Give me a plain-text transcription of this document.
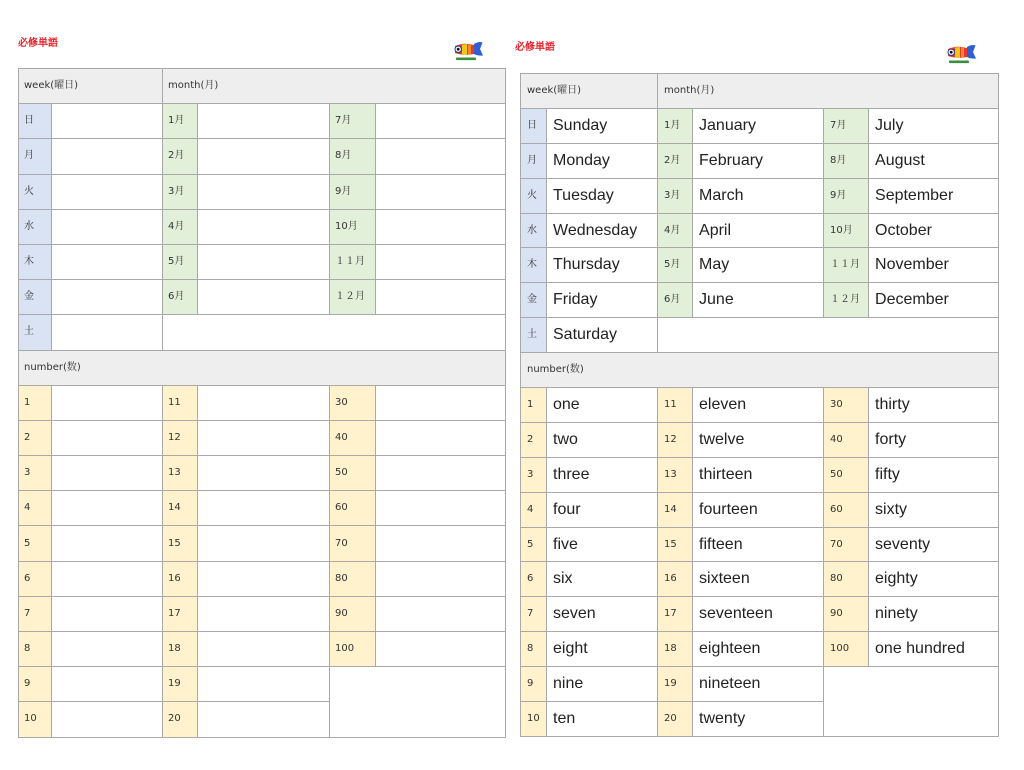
必修単語
week(曜日)		month(月)			
日		1月		7月	
月		2月		8月	
火		3月		9月	
水		4月		10月	
木		5月		１１月	
金		6月		１２月	
土					
number(数)					
1		11		30	
2		12		40	
3		13		50	
4		14		60	
5		15		70	
6		16		80	
7		17		90	
8		18		100	
9		19			
10		20			
必修単語
week(曜日)		month(月)			
日	Sunday	1月	January	7月	July
月	Monday	2月	February	8月	August
火	Tuesday	3月	March	9月	September
水	Wednesday	4月	April	10月	October
木	Thursday	5月	May	１１月	November
金	Friday	6月	June	１２月	December
土	Saturday				
number(数)					
1	one	11	eleven	30	thirty
2	two	12	twelve	40	forty
3	three	13	thirteen	50	fifty
4	four	14	fourteen	60	sixty
5	five	15	fifteen	70	seventy
6	six	16	sixteen	80	eighty
7	seven	17	seventeen	90	ninety
8	eight	18	eighteen	100	one hundred
9	nine	19	nineteen		
10	ten	20	twenty		
